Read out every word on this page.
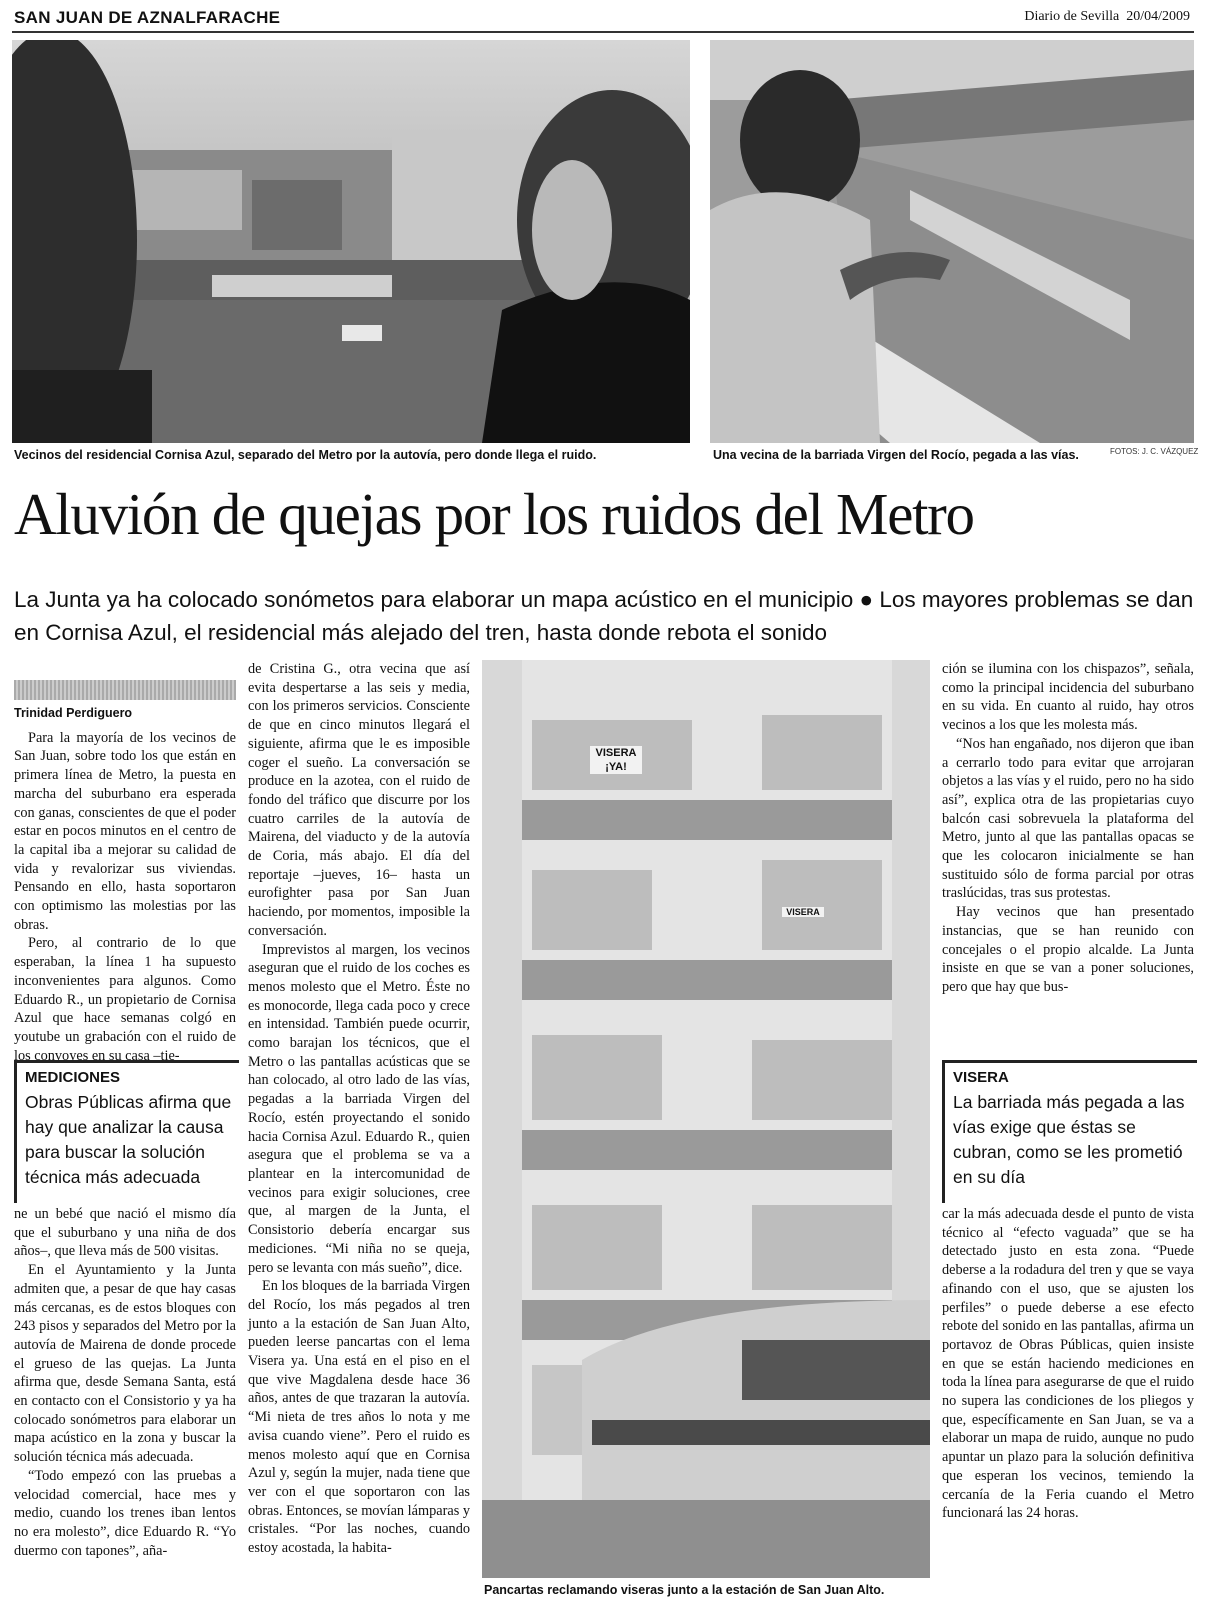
SAN JUAN DE AZNALFARACHE	Diario de Sevilla 20/04/2009
Vecinos del residencial Cornisa Azul, separado del Metro por la autovía, pero donde llega el ruido.	Una vecina de la barriada Virgen del Rocío, pegada a las vías.	FOTOS: J. C. VÁZQUEZ
Aluvión de quejas por los ruidos del Metro
La Junta ya ha colocado sonómetos para elaborar un mapa acústico en el municipio ● Los mayores problemas se dan en Cornisa Azul, el residencial más alejado del tren, hasta donde rebota el sonido
Trinidad Perdiguero

Para la mayoría de los vecinos de San Juan, sobre todo los que están en primera línea de Metro, la puesta en marcha del suburbano era esperada con ganas, conscientes de que el poder estar en pocos minutos en el centro de la capital iba a mejorar su calidad de vida y revalorizar sus viviendas. Pensando en ello, hasta soportaron con optimismo las molestias por las obras.

Pero, al contrario de lo que esperaban, la línea 1 ha supuesto inconvenientes para algunos. Como Eduardo R., un propietario de Cornisa Azul que hace semanas colgó en youtube un grabación con el ruido de los convoyes en su casa –tie-

MEDICIONES
Obras Públicas afirma que hay que analizar la causa para buscar la solución técnica más adecuada

ne un bebé que nació el mismo día que el suburbano y una niña de dos años–, que lleva más de 500 visitas.

En el Ayuntamiento y la Junta admiten que, a pesar de que hay casas más cercanas, es de estos bloques con 243 pisos y separados del Metro por la autovía de Mairena de donde procede el grueso de las quejas. La Junta afirma que, desde Semana Santa, está en contacto con el Consistorio y ya ha colocado sonómetros para elaborar un mapa acústico en la zona y buscar la solución técnica más adecuada.

“Todo empezó con las pruebas a velocidad comercial, hace mes y medio, cuando los trenes iban lentos no era molesto”, dice Eduardo R. “Yo duermo con tapones”, aña-

de Cristina G., otra vecina que así evita despertarse a las seis y media, con los primeros servicios. Consciente de que en cinco minutos llegará el siguiente, afirma que le es imposible coger el sueño. La conversación se produce en la azotea, con el ruido de fondo del tráfico que discurre por los cuatro carriles de la autovía de Mairena, del viaducto y de la autovía de Coria, más abajo. El día del reportaje –jueves, 16– hasta un eurofighter pasa por San Juan haciendo, por momentos, imposible la conversación.

Imprevistos al margen, los vecinos aseguran que el ruido de los coches es menos molesto que el Metro. Éste no es monocorde, llega cada poco y crece en intensidad. También puede ocurrir, como barajan los técnicos, que el Metro o las pantallas acústicas que se han colocado, al otro lado de las vías, pegadas a la barriada Virgen del Rocío, estén proyectando el sonido hacia Cornisa Azul. Eduardo R., quien asegura que el problema se va a plantear en la intercomunidad de vecinos para exigir soluciones, cree que, al margen de la Junta, el Consistorio debería encargar sus mediciones. “Mi niña no se queja, pero se levanta con más sueño”, dice.

En los bloques de la barriada Virgen del Rocío, los más pegados al tren junto a la estación de San Juan Alto, pueden leerse pancartas con el lema Visera ya. Una está en el piso en el que vive Magdalena desde hace 36 años, antes de que trazaran la autovía. “Mi nieta de tres años lo nota y me avisa cuando viene”. Pero el ruido es menos molesto aquí que en Cornisa Azul y, según la mujer, nada tiene que ver con el que soportaron con las obras. Entonces, se movían lámparas y cristales. “Por las noches, cuando estoy acostada, la habita-

VISERA ¡YA!
VISERA
Pancartas reclamando viseras junto a la estación de San Juan Alto.

ción se ilumina con los chispazos”, señala, como la principal incidencia del suburbano en su vida. En cuanto al ruido, hay otros vecinos a los que les molesta más.

“Nos han engañado, nos dijeron que iban a cerrarlo todo para evitar que arrojaran objetos a las vías y el ruido, pero no ha sido así”, explica otra de las propietarias cuyo balcón casi sobrevuela la plataforma del Metro, junto al que las pantallas opacas se que les colocaron inicialmente se han sustituido sólo de forma parcial por otras traslúcidas, tras sus protestas.

Hay vecinos que han presentado instancias, que se han reunido con concejales o el propio alcalde. La Junta insiste en que se van a poner soluciones, pero que hay que bus-

VISERA
La barriada más pegada a las vías exige que éstas se cubran, como se les prometió en su día

car la más adecuada desde el punto de vista técnico al “efecto vaguada” que se ha detectado justo en esta zona. “Puede deberse a la rodadura del tren y que se vaya afinando con el uso, que se ajusten los perfiles” o puede deberse a ese efecto rebote del sonido en las pantallas, afirma un portavoz de Obras Públicas, quien insiste en que se están haciendo mediciones en toda la línea para asegurarse de que el ruido no supera las condiciones de los pliegos y que, específicamente en San Juan, se va a elaborar un mapa de ruido, aunque no pudo apuntar un plazo para la solución definitiva que esperan los vecinos, temiendo la cercanía de la Feria cuando el Metro funcionará las 24 horas.
